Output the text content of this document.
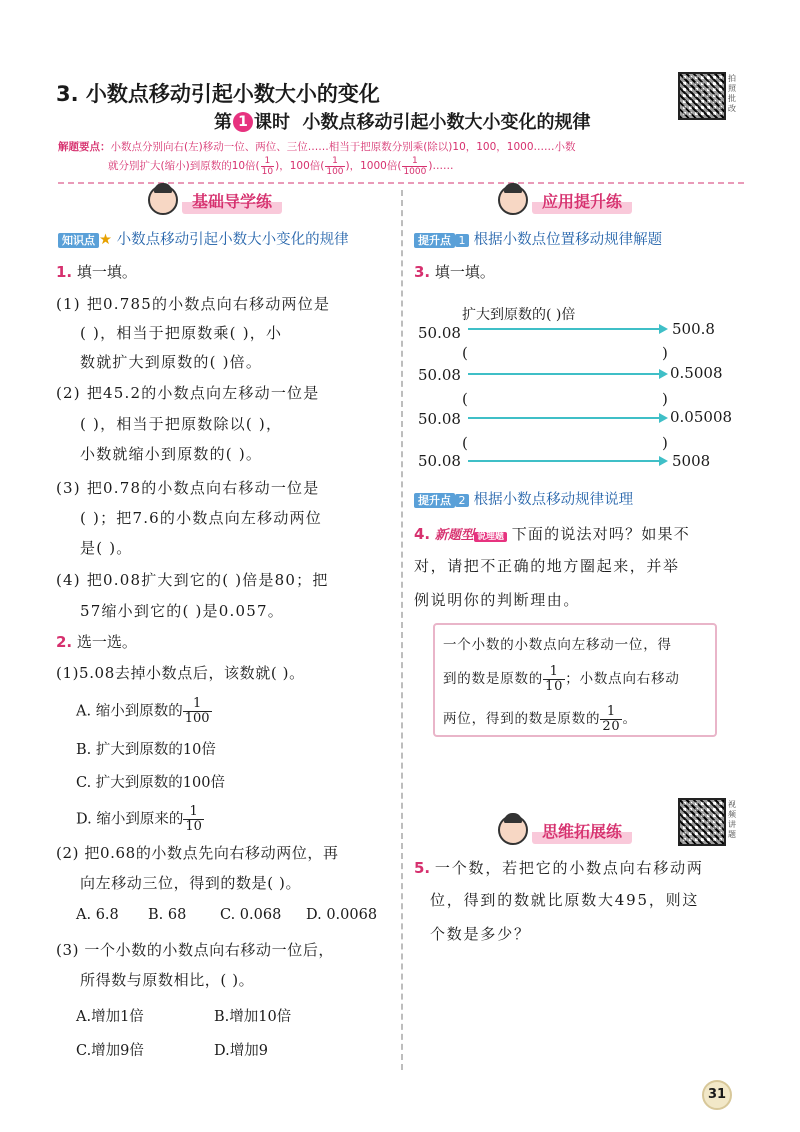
3. 小数点移动引起小数大小的变化
第 1 课时 小数点移动引起小数大小变化的规律
拍照批改
解题要点：小数点分别向右(左)移动一位、两位、三位……相当于把原数分别乘(除以)10，100，1000……小数
就分别扩大(缩小)到原数的10倍( $\frac{1}{10}$ )，100倍( $\frac{1}{100}$ )，1000倍( $\frac{1}{1000}$ )……
基础导学练
知识点 ★ 小数点移动引起小数大小变化的规律
1. 填一填。
(1) 把0.785的小数点向右移动两位是
( )，相当于把原数乘( )，小
数就扩大到原数的( )倍。
(2) 把45.2的小数点向左移动一位是
( )，相当于把原数除以( )，
小数就缩小到原数的( )。
(3) 把0.78的小数点向右移动一位是
( )；把7.6的小数点向左移动两位
是( )。
(4) 把0.08扩大到它的( )倍是80；把
57缩小到它的( )是0.057。
2. 选一选。
(1)5.08去掉小数点后，该数就( )。
A. 缩小到原数的 $\frac{1}{100}$
B. 扩大到原数的10倍
C. 扩大到原数的100倍
D. 缩小到原来的 $\frac{1}{10}$
(2) 把0.68的小数点先向右移动两位，再
向左移动三位，得到的数是( )。
A. 6.8 B. 68 C. 0.068 D. 0.0068
(3) 一个小数的小数点向右移动一位后，
所得数与原数相比，( )。
A.增加1倍	B.增加10倍
C.增加9倍	D.增加9
应用提升练
提升点 1 根据小数点位置移动规律解题
3. 填一填。
扩大到原数的( )倍
50.08	500.8
(	)
50.08	0.5008
(	)
50.08	0.05008
(	)
50.08	5008
提升点 2 根据小数点移动规律说理
4. 新题型 说理题 下面的说法对吗？如果不
对，请把不正确的地方圈起来，并举
例说明你的判断理由。
一个小数的小数点向左移动一位，得
到的数是原数的 $\frac{1}{10}$ ；小数点向右移动
两位，得到的数是原数的 $\frac{1}{20}$ 。
思维拓展练
视频讲题
5. 一个数，若把它的小数点向右移动两
位，得到的数就比原数大495，则这
个数是多少？
31
